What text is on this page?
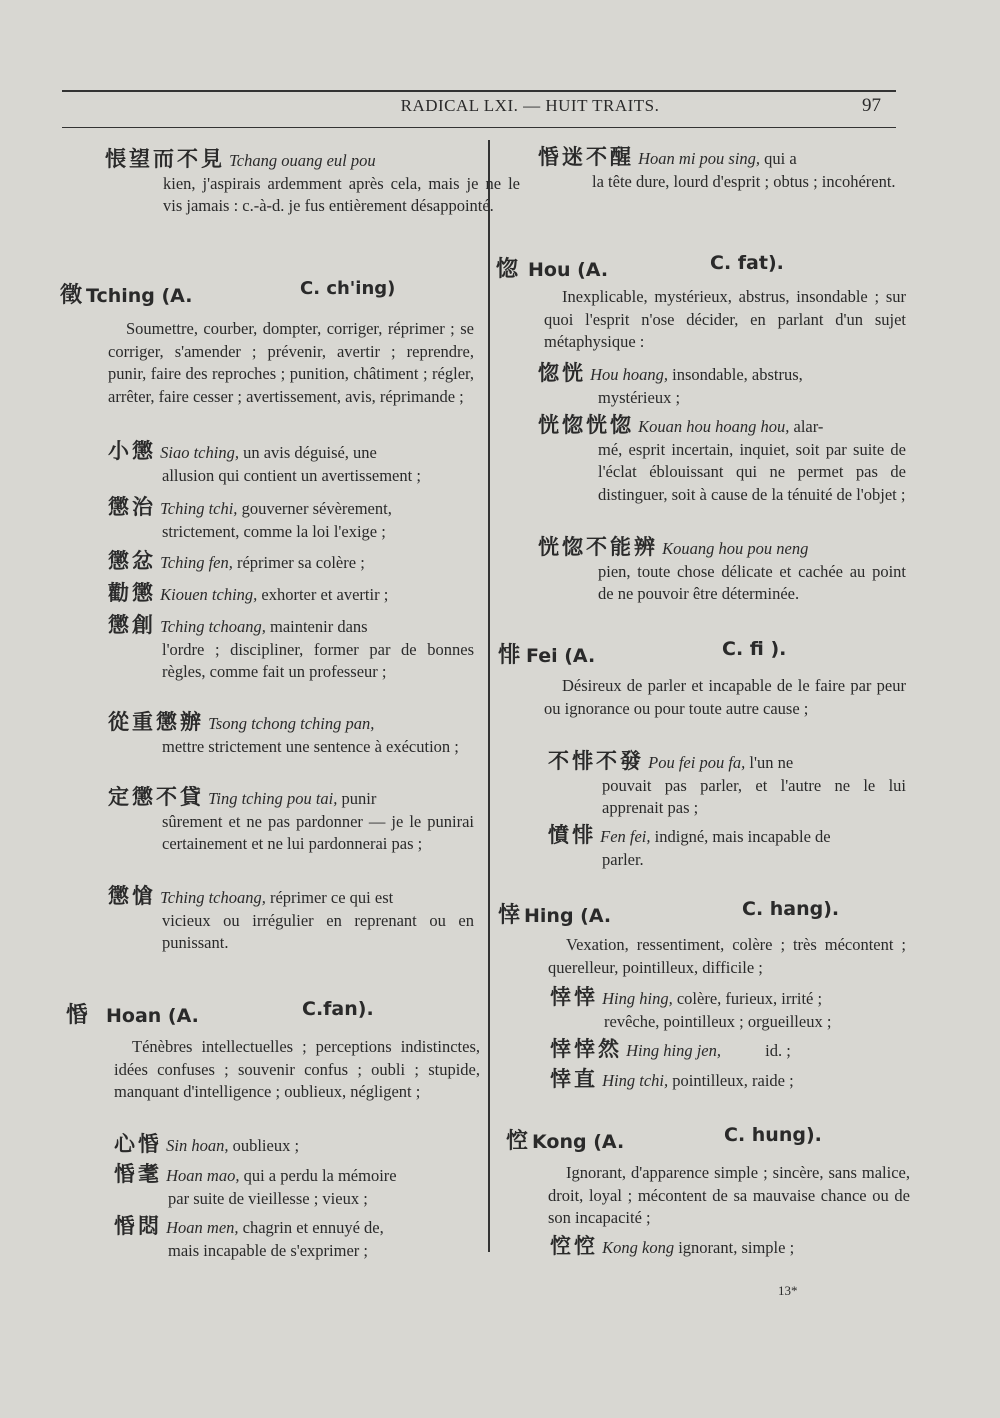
RADICAL LXI. — HUIT TRAITS.	97
悵望而不見 Tchang ouang eul pou
kien, j'aspirais ardemment après cela, mais je ne le vis jamais : c.-à-d. je fus entièrement désappointé.
徵 Tching (A.	C. ch'ing)
Soumettre, courber, dompter, corriger, réprimer ; se corriger, s'amender ; prévenir, avertir ; reprendre, punir, faire des reproches ; punition, châtiment ; régler, arrêter, faire cesser ; avertissement, avis, réprimande ;
小懲 Siao tching, un avis déguisé, une
allusion qui contient un avertissement ;
懲治 Tching tchi, gouverner sévèrement,
strictement, comme la loi l'exige ;
懲忿 Tching fen, réprimer sa colère ;
勸懲 Kiouen tching, exhorter et avertir ;
懲創 Tching tchoang, maintenir dans
l'ordre ; discipliner, former par de bonnes règles, comme fait un professeur ;
從重懲辦 Tsong tchong tching pan,
mettre strictement une sentence à exécution ;
定懲不貸 Ting tching pou tai, punir
sûrement et ne pas pardonner — je le punirai certainement et ne lui pardonnerai pas ;
懲愴 Tching tchoang, réprimer ce qui est
vicieux ou irrégulier en reprenant ou en punissant.
惛 Hoan (A.	C.fan).
Ténèbres intellectuelles ; perceptions indistinctes, idées confuses ; souvenir confus ; oubli ; stupide, manquant d'intelligence ; oublieux, négligent ;
心惛 Sin hoan, oublieux ;
惛耄 Hoan mao, qui a perdu la mémoire
par suite de vieillesse ; vieux ;
惛悶 Hoan men, chagrin et ennuyé de,
mais incapable de s'exprimer ;
惛迷不醒 Hoan mi pou sing, qui a
la tête dure, lourd d'esprit ; obtus ; incohérent.
惚 Hou (A.	C. fat).
Inexplicable, mystérieux, abstrus, insondable ; sur quoi l'esprit n'ose décider, en parlant d'un sujet métaphysique :
惚恍 Hou hoang, insondable, abstrus,
mystérieux ;
恍惚恍惚 Kouan hou hoang hou, alar-
mé, esprit incertain, inquiet, soit par suite de l'éclat éblouissant qui ne permet pas de distinguer, soit à cause de la ténuité de l'objet ;
恍惚不能辨 Kouang hou pou neng
pien, toute chose délicate et cachée au point de ne pouvoir être déterminée.
悱 Fei (A.	C. fi ).
Désireux de parler et incapable de le faire par peur ou ignorance ou pour toute autre cause ;
不悱不發 Pou fei pou fa, l'un ne
pouvait pas parler, et l'autre ne le lui apprenait pas ;
憤悱 Fen fei, indigné, mais incapable de
parler.
悻 Hing (A.	C. hang).
Vexation, ressentiment, colère ; très mécontent ; querelleur, pointilleux, difficile ;
悻悻 Hing hing, colère, furieux, irrité ;
revêche, pointilleux ; orgueilleux ;
悻悻然 Hing hing jen,	id. ;
悻直 Hing tchi, pointilleux, raide ;
悾 Kong (A.	C. hung).
Ignorant, d'apparence simple ; sincère, sans malice, droit, loyal ; mécontent de sa mauvaise chance ou de son incapacité ;
悾悾 Kong kong ignorant, simple ;
13*
